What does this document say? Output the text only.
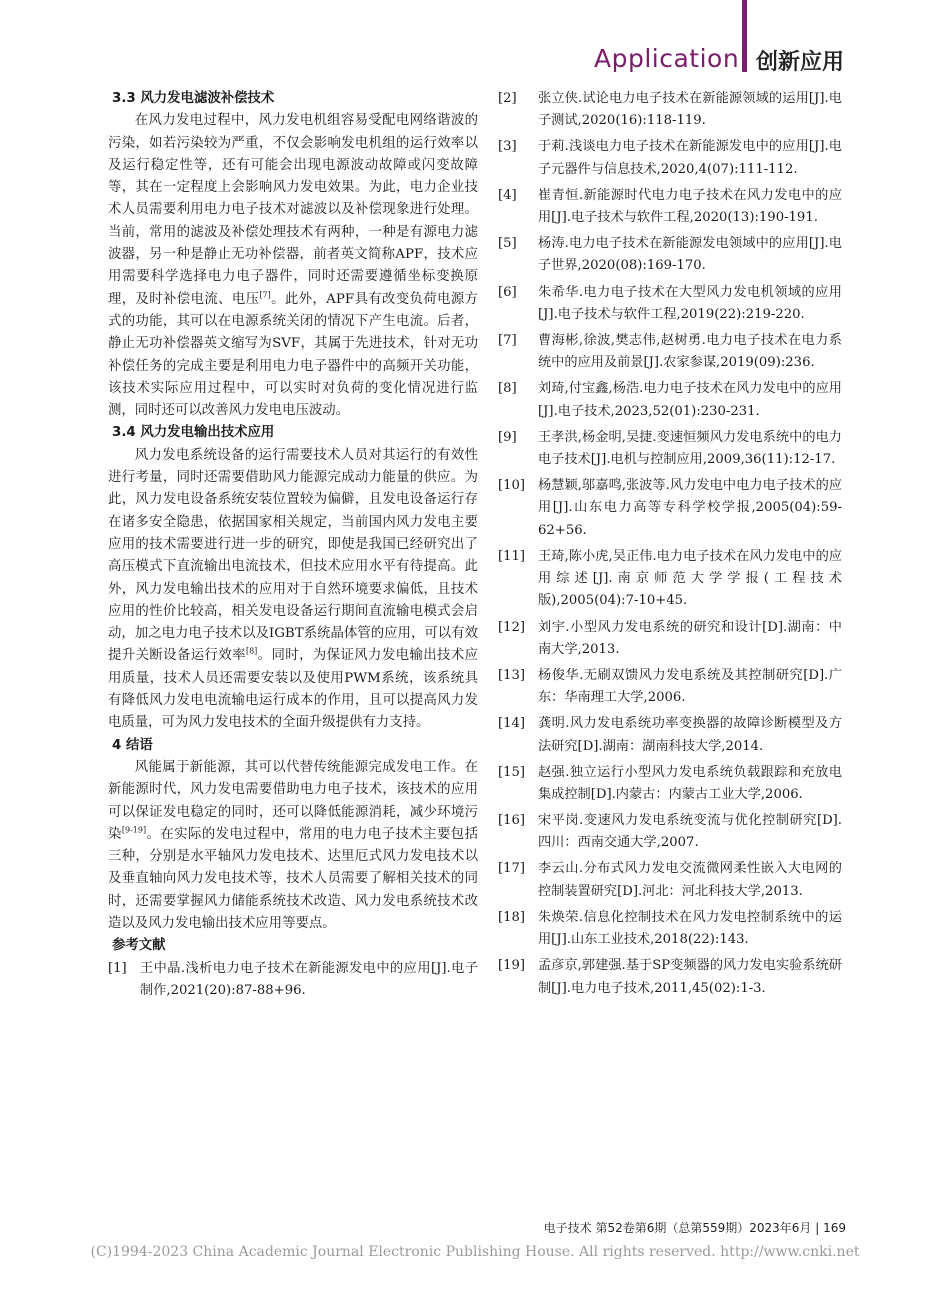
Application 创新应用
3.3 风力发电滤波补偿技术

在风力发电过程中，风力发电机组容易受配电网络谐波的污染，如若污染较为严重，不仅会影响发电机组的运行效率以及运行稳定性等，还有可能会出现电源波动故障或闪变故障等，其在一定程度上会影响风力发电效果。为此，电力企业技术人员需要利用电力电子技术对滤波以及补偿现象进行处理。当前，常用的滤波及补偿处理技术有两种，一种是有源电力滤波器，另一种是静止无功补偿器，前者英文简称APF，技术应用需要科学选择电力电子器件，同时还需要遵循坐标变换原理，及时补偿电流、电压[7]。此外，APF具有改变负荷电源方式的功能，其可以在电源系统关闭的情况下产生电流。后者，静止无功补偿器英文缩写为SVF，其属于先进技术，针对无功补偿任务的完成主要是利用电力电子器件中的高频开关功能，该技术实际应用过程中，可以实时对负荷的变化情况进行监测，同时还可以改善风力发电电压波动。

3.4 风力发电输出技术应用

风力发电系统设备的运行需要技术人员对其运行的有效性进行考量，同时还需要借助风力能源完成动力能量的供应。为此，风力发电设备系统安装位置较为偏僻，且发电设备运行存在诸多安全隐患，依据国家相关规定，当前国内风力发电主要应用的技术需要进行进一步的研究，即使是我国已经研究出了高压模式下直流输出电流技术，但技术应用水平有待提高。此外，风力发电输出技术的应用对于自然环境要求偏低，且技术应用的性价比较高，相关发电设备运行期间直流输电模式会启动，加之电力电子技术以及IGBT系统晶体管的应用，可以有效提升关断设备运行效率[8]。同时，为保证风力发电输出技术应用质量，技术人员还需要安装以及使用PWM系统，该系统具有降低风力发电电流输电运行成本的作用，且可以提高风力发电质量，可为风力发电技术的全面升级提供有力支持。

4 结语

风能属于新能源，其可以代替传统能源完成发电工作。在新能源时代，风力发电需要借助电力电子技术，该技术的应用可以保证发电稳定的同时，还可以降低能源消耗，减少环境污染[9-19]。在实际的发电过程中，常用的电力电子技术主要包括三种，分别是水平轴风力发电技术、达里厄式风力发电技术以及垂直轴向风力发电技术等，技术人员需要了解相关技术的同时，还需要掌握风力储能系统技术改造、风力发电系统技术改造以及风力发电输出技术应用等要点。

参考文献
[1]	王中晶.浅析电力电子技术在新能源发电中的应用[J].电子制作,2021(20):87-88+96.
[2]	张立侠.试论电力电子技术在新能源领域的运用[J].电子测试,2020(16):118-119.
[3]	于莉.浅谈电力电子技术在新能源发电中的应用[J].电子元器件与信息技术,2020,4(07):111-112.
[4]	崔青恒.新能源时代电力电子技术在风力发电中的应用[J].电子技术与软件工程,2020(13):190-191.
[5]	杨涛.电力电子技术在新能源发电领域中的应用[J].电子世界,2020(08):169-170.
[6]	朱希华.电力电子技术在大型风力发电机领域的应用[J].电子技术与软件工程,2019(22):219-220.
[7]	曹海彬,徐波,樊志伟,赵树勇.电力电子技术在电力系统中的应用及前景[J].农家参谋,2019(09):236.
[8]	刘琦,付宝鑫,杨浩.电力电子技术在风力发电中的应用[J].电子技术,2023,52(01):230-231.
[9]	王孝洪,杨金明,吴捷.变速恒频风力发电系统中的电力电子技术[J].电机与控制应用,2009,36(11):12-17.
[10] 杨慧颖,邬嘉鸣,张波等.风力发电中电力电子技术的应用[J].山东电力高等专科学校学报,2005(04):59-62+56.
[11] 王琦,陈小虎,吴正伟.电力电子技术在风力发电中的应用综述[J].南京师范大学学报(工程技术版),2005(04):7-10+45.
[12] 刘宇.小型风力发电系统的研究和设计[D].湖南：中南大学,2013.
[13] 杨俊华.无刷双馈风力发电系统及其控制研究[D].广东：华南理工大学,2006.
[14] 龚明.风力发电系统功率变换器的故障诊断模型及方法研究[D].湖南：湖南科技大学,2014.
[15] 赵强.独立运行小型风力发电系统负载跟踪和充放电集成控制[D].内蒙古：内蒙古工业大学,2006.
[16] 宋平岗.变速风力发电系统变流与优化控制研究[D].四川：西南交通大学,2007.
[17] 李云山.分布式风力发电交流微网柔性嵌入大电网的控制装置研究[D].河北：河北科技大学,2013.
[18] 朱焕荣.信息化控制技术在风力发电控制系统中的运用[J].山东工业技术,2018(22):143.
[19] 孟彦京,郭建强.基于SP变频器的风力发电实验系统研制[J].电力电子技术,2011,45(02):1-3.
电子技术 第52卷第6期（总第559期）2023年6月 | 169
(C)1994-2023 China Academic Journal Electronic Publishing House. All rights reserved. http://www.cnki.net
